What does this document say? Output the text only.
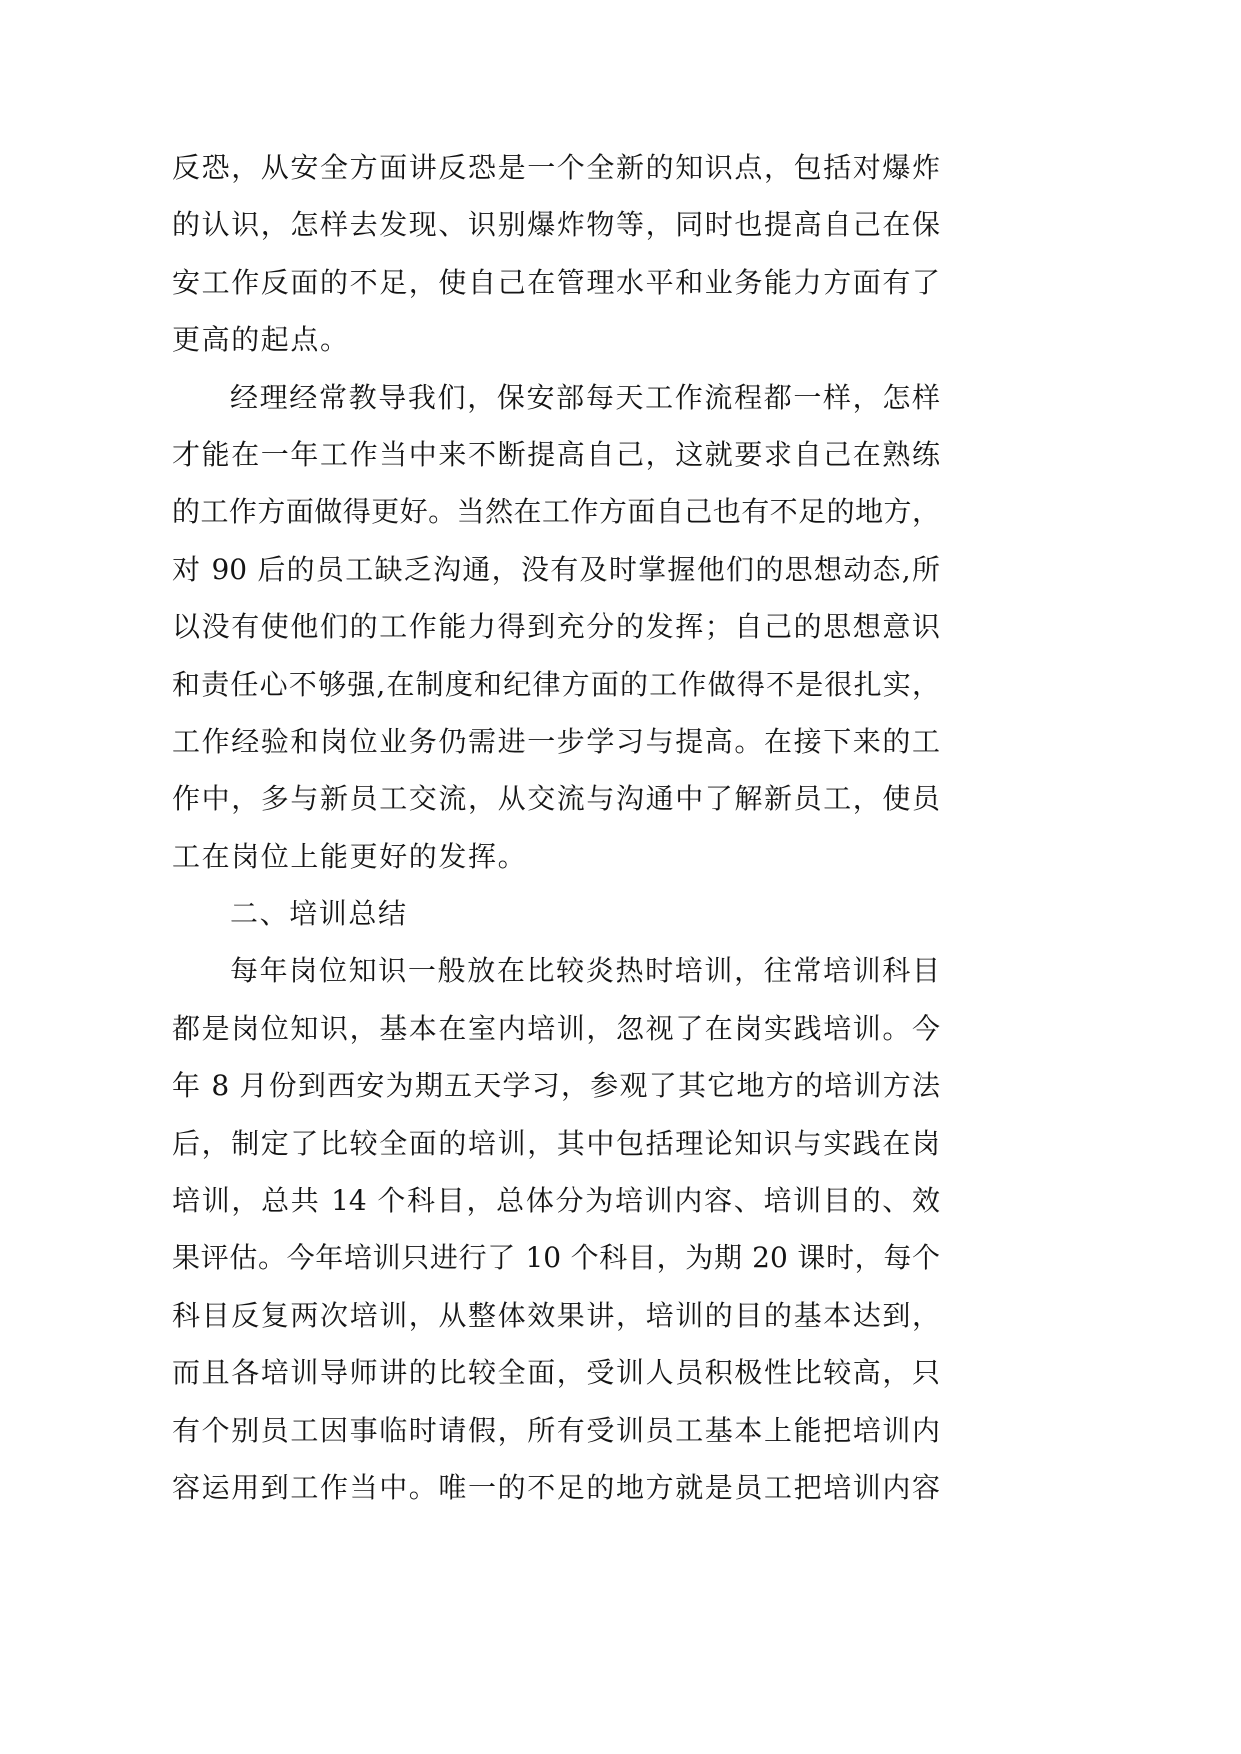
反恐，从安全方面讲反恐是一个全新的知识点，包括对爆炸
的认识，怎样去发现、识别爆炸物等，同时也提高自己在保
安工作反面的不足，使自己在管理水平和业务能力方面有了
更高的起点。
经理经常教导我们，保安部每天工作流程都一样，怎样
才能在一年工作当中来不断提高自己，这就要求自己在熟练
的工作方面做得更好。当然在工作方面自己也有不足的地方，
对 90 后的员工缺乏沟通，没有及时掌握他们的思想动态,所
以没有使他们的工作能力得到充分的发挥；自己的思想意识
和责任心不够强,在制度和纪律方面的工作做得不是很扎实，
工作经验和岗位业务仍需进一步学习与提高。在接下来的工
作中，多与新员工交流，从交流与沟通中了解新员工，使员
工在岗位上能更好的发挥。
二、培训总结
每年岗位知识一般放在比较炎热时培训，往常培训科目
都是岗位知识，基本在室内培训，忽视了在岗实践培训。今
年 8 月份到西安为期五天学习，参观了其它地方的培训方法
后，制定了比较全面的培训，其中包括理论知识与实践在岗
培训，总共 14 个科目，总体分为培训内容、培训目的、效
果评估。今年培训只进行了 10 个科目，为期 20 课时，每个
科目反复两次培训，从整体效果讲，培训的目的基本达到，
而且各培训导师讲的比较全面，受训人员积极性比较高，只
有个别员工因事临时请假，所有受训员工基本上能把培训内
容运用到工作当中。唯一的不足的地方就是员工把培训内容
